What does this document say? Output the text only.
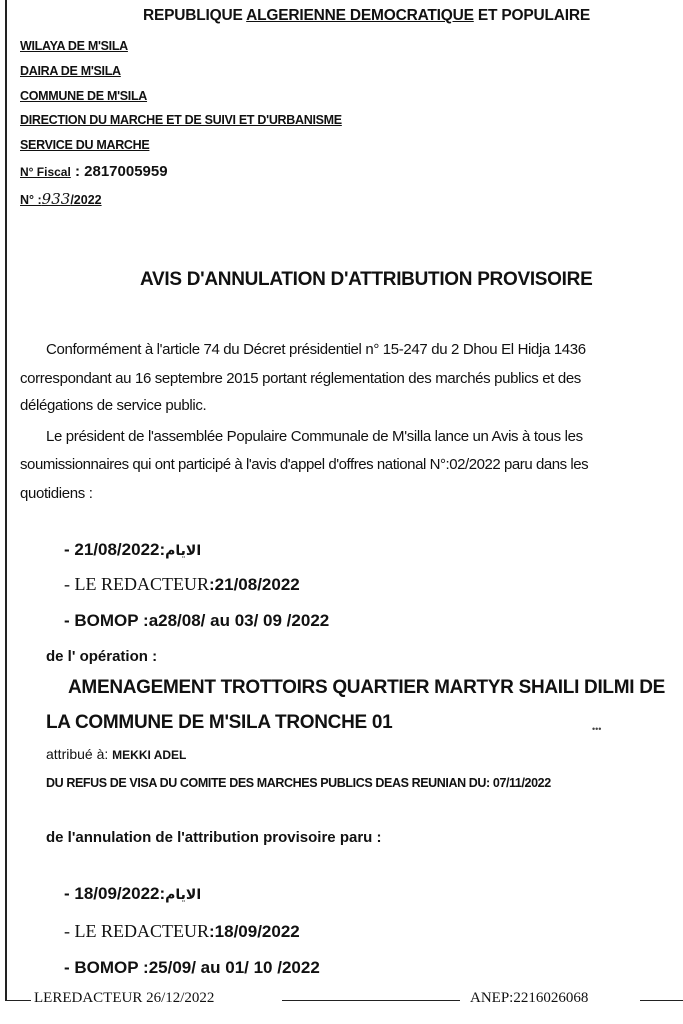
REPUBLIQUE ALGERIENNE DEMOCRATIQUE ET POPULAIRE
WILAYA DE M'SILA
DAIRA DE M'SILA
COMMUNE DE M'SILA
DIRECTION DU MARCHE ET DE SUIVI ET D'URBANISME
SERVICE DU MARCHE
N° Fiscal : 2817005959
N° :933/2022
AVIS D'ANNULATION D'ATTRIBUTION PROVISOIRE
Conformément à l'article 74 du Décret présidentiel n° 15-247 du 2 Dhou El Hidja 1436
correspondant au 16 septembre 2015 portant réglementation des marchés publics et des
délégations de service public.
Le président de l'assemblée Populaire Communale de M'silla lance un Avis à tous les
soumissionnaires qui ont participé à l'avis d'appel d'offres national N°:02/2022 paru dans les
quotidiens :
-	الايام:21/08/2022
- LE REDACTEUR:21/08/2022
- BOMOP :a28/08/ au 03/ 09 /2022
de l' opération :
AMENAGEMENT TROTTOIRS QUARTIER MARTYR SHAILI DILMI DE
LA COMMUNE DE M'SILA TRONCHE 01	•••
attribué à: MEKKI ADEL
DU REFUS DE VISA DU COMITE DES MARCHES PUBLICS DEAS REUNIAN DU: 07/11/2022
de l'annulation de l'attribution provisoire paru :
-	الايام:18/09/2022
- LE REDACTEUR:18/09/2022
- BOMOP :25/09/ au 01/ 10 /2022
LEREDACTEUR 26/12/2022	ANEP:2216026068
